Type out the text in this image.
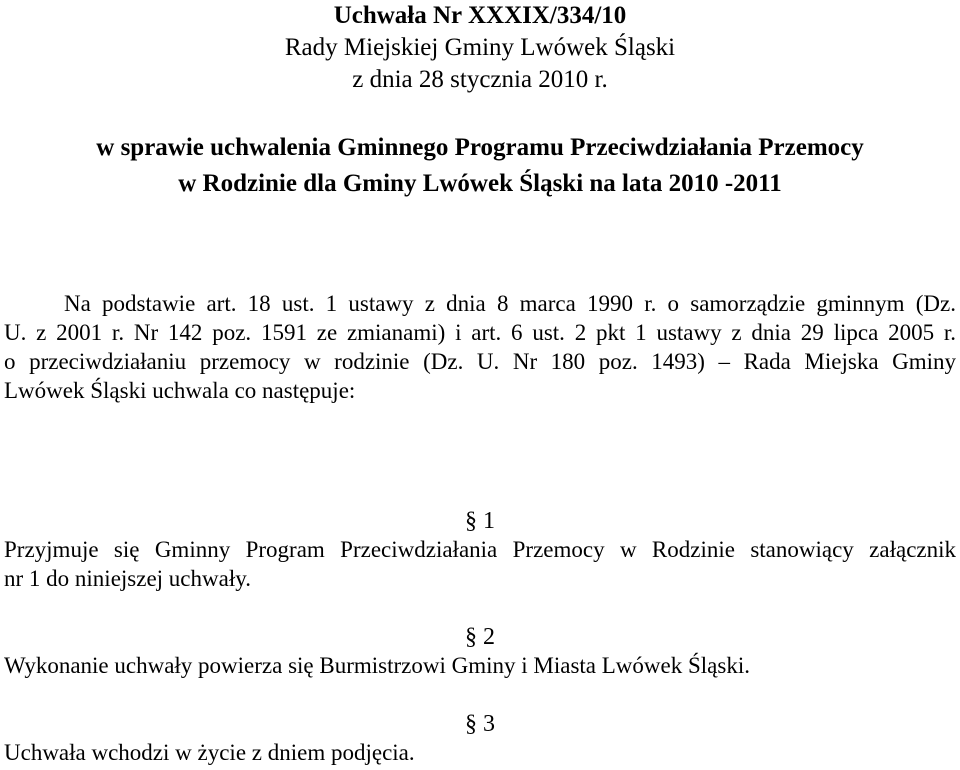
Uchwała Nr XXXIX/334/10
Rady Miejskiej Gminy Lwówek Śląski
z dnia 28 stycznia 2010 r.
w sprawie uchwalenia Gminnego Programu Przeciwdziałania Przemocy
w Rodzinie dla Gminy Lwówek Śląski na lata 2010 -2011
Na podstawie art. 18 ust. 1 ustawy z dnia 8 marca 1990 r. o samorządzie gminnym (Dz.
U. z 2001 r. Nr 142 poz. 1591 ze zmianami) i art. 6 ust. 2 pkt 1 ustawy z dnia 29 lipca 2005 r.
o przeciwdziałaniu przemocy w rodzinie (Dz. U. Nr 180 poz. 1493) – Rada Miejska Gminy
Lwówek Śląski uchwala co następuje:
§ 1
Przyjmuje się Gminny Program Przeciwdziałania Przemocy w Rodzinie stanowiący załącznik
nr 1 do niniejszej uchwały.
§ 2
Wykonanie uchwały powierza się Burmistrzowi Gminy i Miasta Lwówek Śląski.
§ 3
Uchwała wchodzi w życie z dniem podjęcia.
